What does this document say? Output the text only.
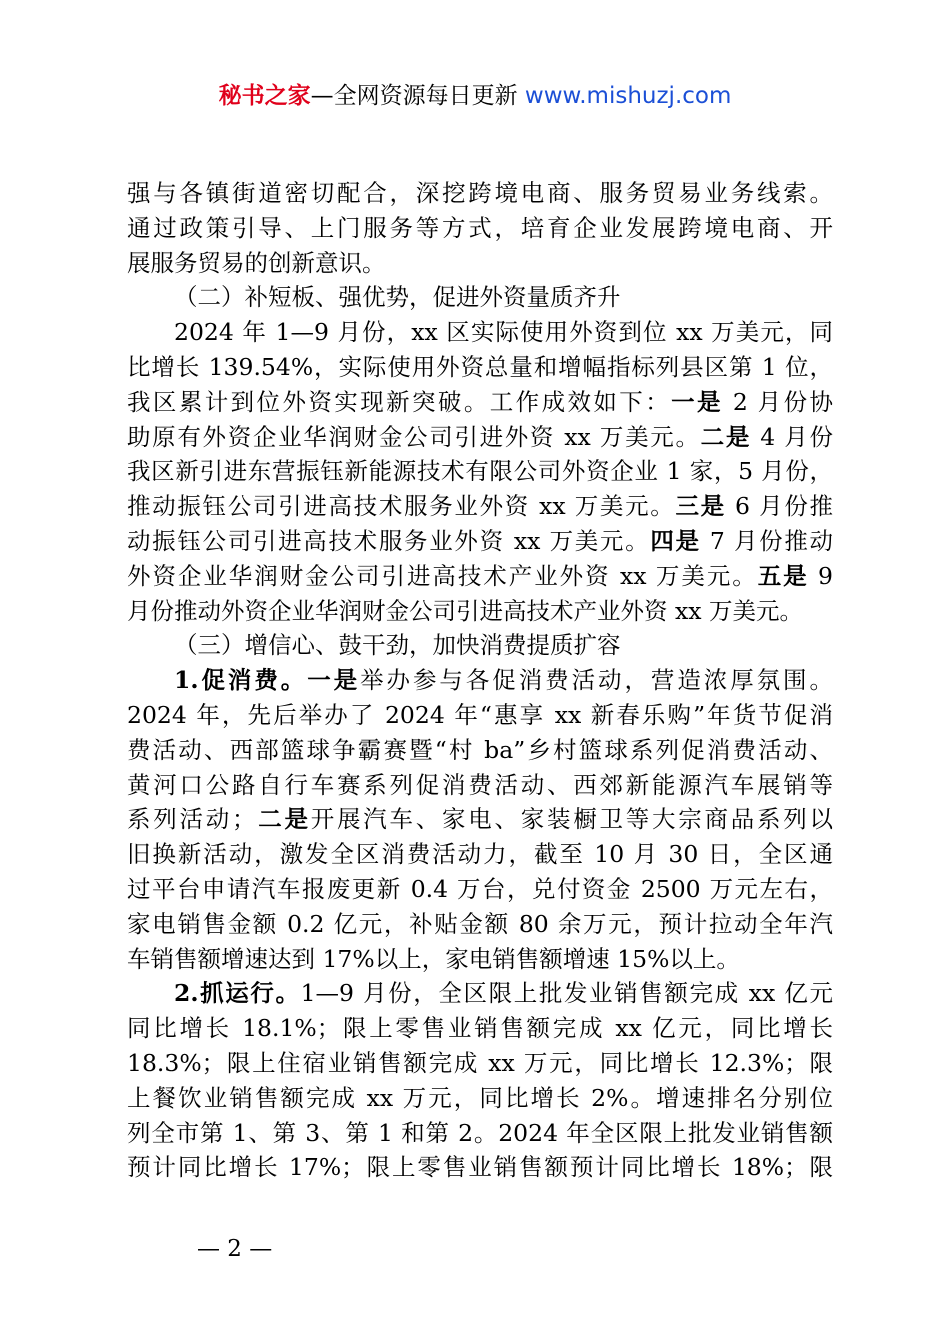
秘书之家—全网资源每日更新 www.mishuzj.com
强与各镇街道密切配合，深挖跨境电商、服务贸易业务线索。
通过政策引导、上门服务等方式，培育企业发展跨境电商、开
展服务贸易的创新意识。
（二）补短板、强优势，促进外资量质齐升
2024 年 1—9 月份，xx 区实际使用外资到位 xx 万美元，同
比增长 139.54%，实际使用外资总量和增幅指标列县区第 1 位，
我区累计到位外资实现新突破。工作成效如下：一是 2 月份协
助原有外资企业华润财金公司引进外资 xx 万美元。二是 4 月份
我区新引进东营振钰新能源技术有限公司外资企业 1 家，5 月份，
推动振钰公司引进高技术服务业外资 xx 万美元。三是 6 月份推
动振钰公司引进高技术服务业外资 xx 万美元。四是 7 月份推动
外资企业华润财金公司引进高技术产业外资 xx 万美元。五是 9
月份推动外资企业华润财金公司引进高技术产业外资 xx 万美元。
（三）增信心、鼓干劲，加快消费提质扩容
1.促消费。一是举办参与各促消费活动，营造浓厚氛围。
2024 年，先后举办了 2024 年“惠享 xx 新春乐购”年货节促消
费活动、西部篮球争霸赛暨“村 ba”乡村篮球系列促消费活动、
黄河口公路自行车赛系列促消费活动、西郊新能源汽车展销等
系列活动；二是开展汽车、家电、家装橱卫等大宗商品系列以
旧换新活动，激发全区消费活动力，截至 10 月 30 日，全区通
过平台申请汽车报废更新 0.4 万台，兑付资金 2500 万元左右，
家电销售金额 0.2 亿元，补贴金额 80 余万元，预计拉动全年汽
车销售额增速达到 17%以上，家电销售额增速 15%以上。
2.抓运行。1—9 月份，全区限上批发业销售额完成 xx 亿元
同比增长 18.1%；限上零售业销售额完成 xx 亿元，同比增长
18.3%；限上住宿业销售额完成 xx 万元，同比增长 12.3%；限
上餐饮业销售额完成 xx 万元，同比增长 2%。增速排名分别位
列全市第 1、第 3、第 1 和第 2。2024 年全区限上批发业销售额
预计同比增长 17%；限上零售业销售额预计同比增长 18%；限
— 2 —
